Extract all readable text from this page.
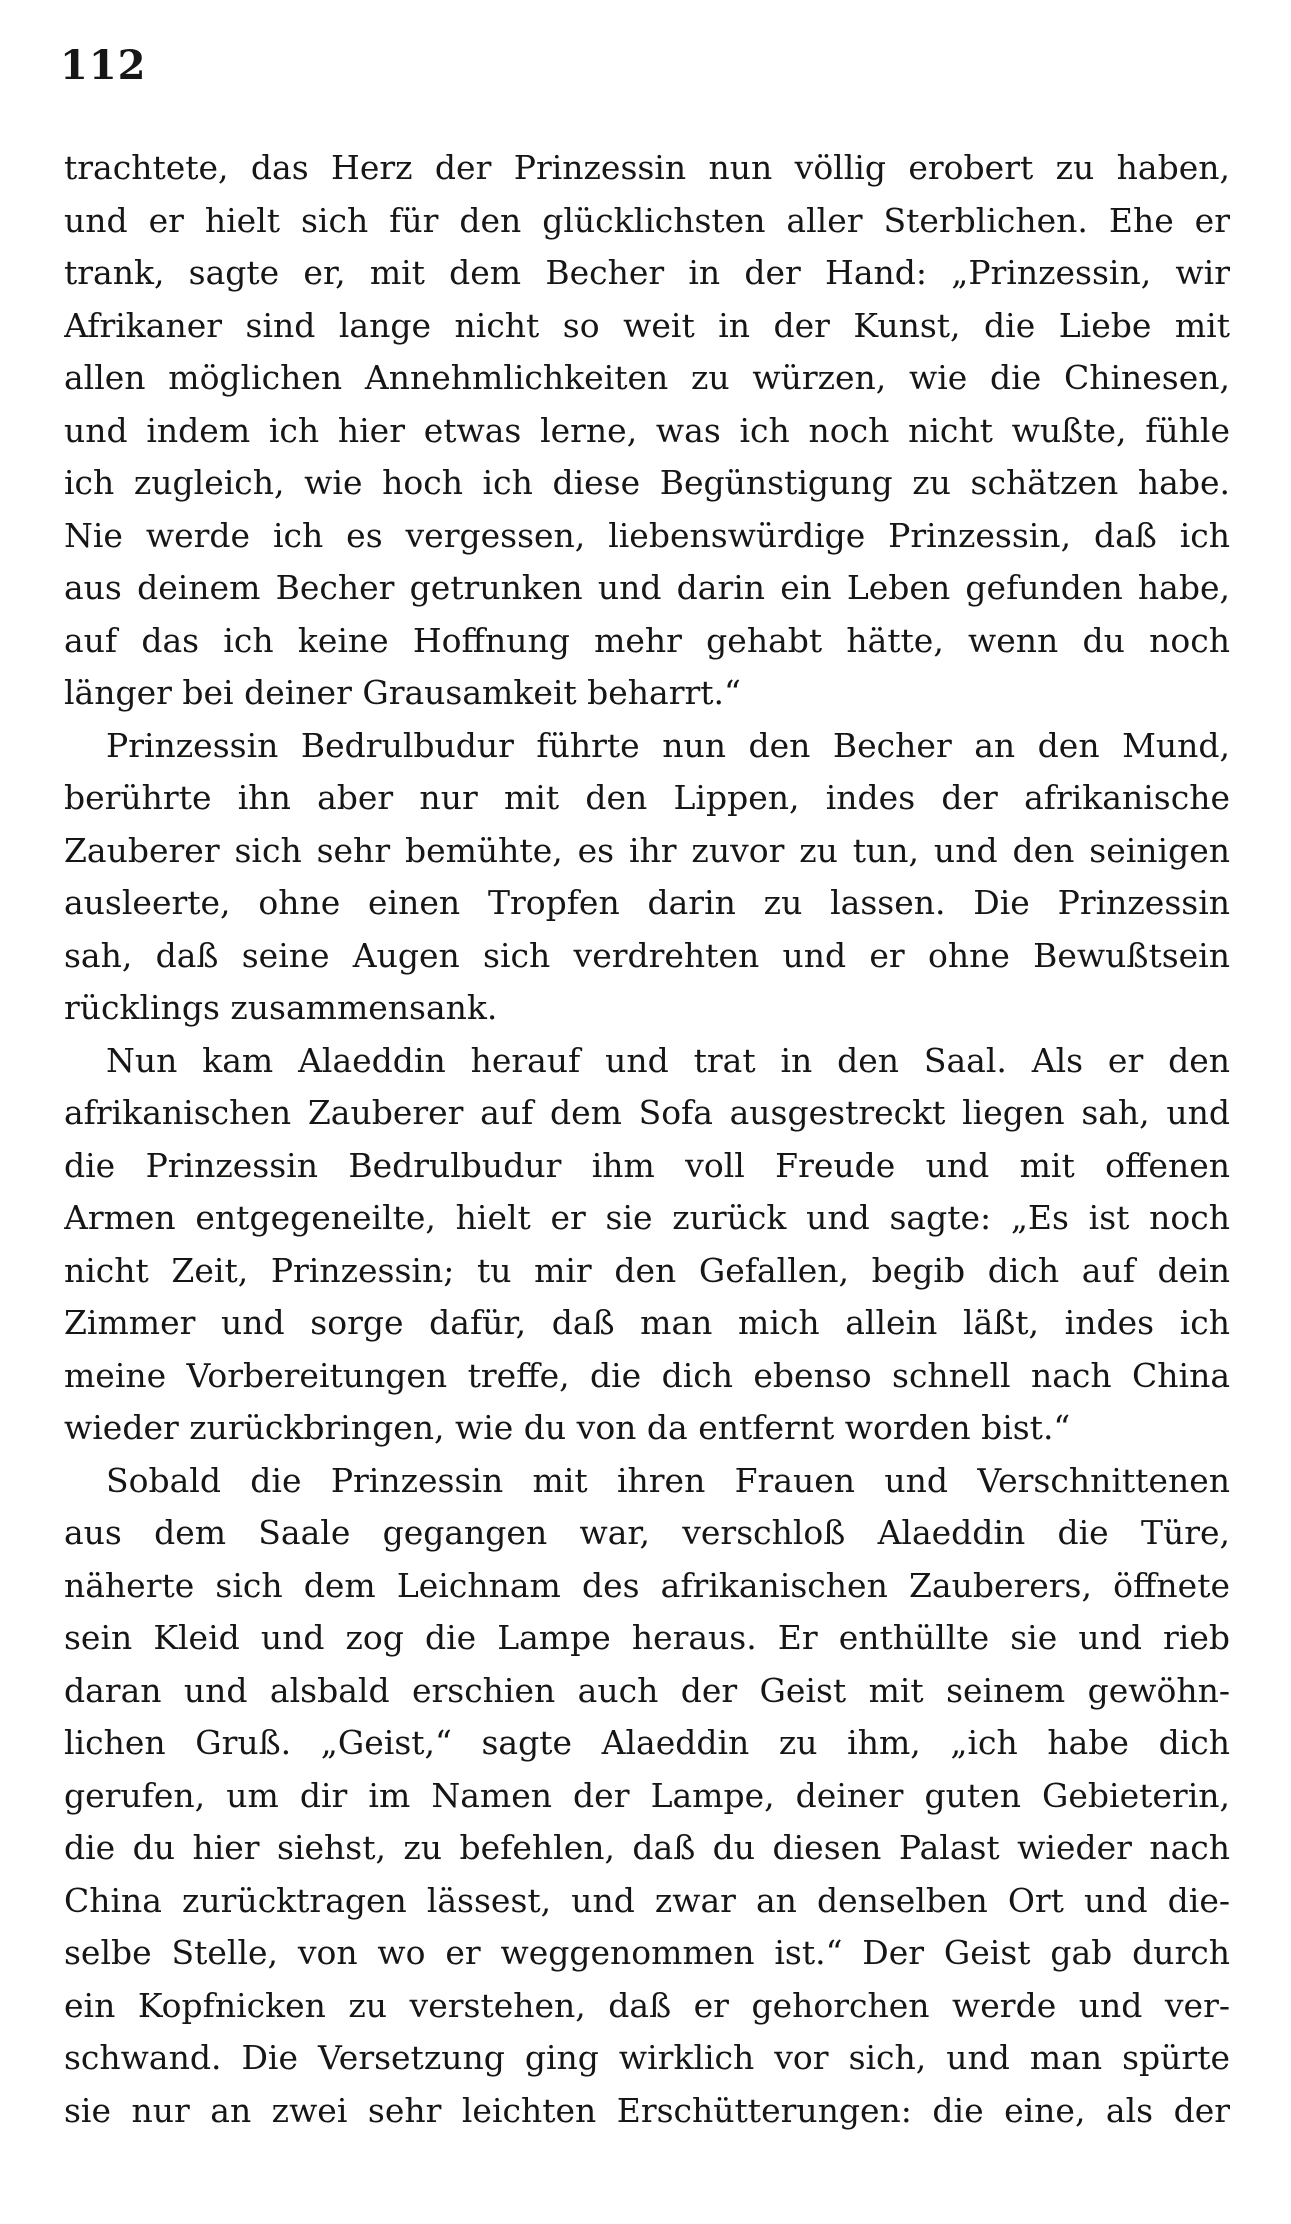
112
trachtete, das Herz der Prinzessin nun völlig erobert zu haben,
und er hielt sich für den glücklichsten aller Sterblichen. Ehe er
trank, sagte er, mit dem Becher in der Hand: „Prinzessin, wir
Afrikaner sind lange nicht so weit in der Kunst, die Liebe mit
allen möglichen Annehmlichkeiten zu würzen, wie die Chinesen,
und indem ich hier etwas lerne, was ich noch nicht wußte, fühle
ich zugleich, wie hoch ich diese Begünstigung zu schätzen habe.
Nie werde ich es vergessen, liebenswürdige Prinzessin, daß ich
aus deinem Becher getrunken und darin ein Leben gefunden habe,
auf das ich keine Hoffnung mehr gehabt hätte, wenn du noch
länger bei deiner Grausamkeit beharrt.“
Prinzessin Bedrulbudur führte nun den Becher an den Mund,
berührte ihn aber nur mit den Lippen, indes der afrikanische
Zauberer sich sehr bemühte, es ihr zuvor zu tun, und den seinigen
ausleerte, ohne einen Tropfen darin zu lassen. Die Prinzessin
sah, daß seine Augen sich verdrehten und er ohne Bewußtsein
rücklings zusammensank.
Nun kam Alaeddin herauf und trat in den Saal. Als er den
afrikanischen Zauberer auf dem Sofa ausgestreckt liegen sah, und
die Prinzessin Bedrulbudur ihm voll Freude und mit offenen
Armen entgegeneilte, hielt er sie zurück und sagte: „Es ist noch
nicht Zeit, Prinzessin; tu mir den Gefallen, begib dich auf dein
Zimmer und sorge dafür, daß man mich allein läßt, indes ich
meine Vorbereitungen treffe, die dich ebenso schnell nach China
wieder zurückbringen, wie du von da entfernt worden bist.“
Sobald die Prinzessin mit ihren Frauen und Verschnittenen
aus dem Saale gegangen war, verschloß Alaeddin die Türe,
näherte sich dem Leichnam des afrikanischen Zauberers, öffnete
sein Kleid und zog die Lampe heraus. Er enthüllte sie und rieb
daran und alsbald erschien auch der Geist mit seinem gewöhn-
lichen Gruß. „Geist,“ sagte Alaeddin zu ihm, „ich habe dich
gerufen, um dir im Namen der Lampe, deiner guten Gebieterin,
die du hier siehst, zu befehlen, daß du diesen Palast wieder nach
China zurücktragen lässest, und zwar an denselben Ort und die-
selbe Stelle, von wo er weggenommen ist.“ Der Geist gab durch
ein Kopfnicken zu verstehen, daß er gehorchen werde und ver-
schwand. Die Versetzung ging wirklich vor sich, und man spürte
sie nur an zwei sehr leichten Erschütterungen: die eine, als der
